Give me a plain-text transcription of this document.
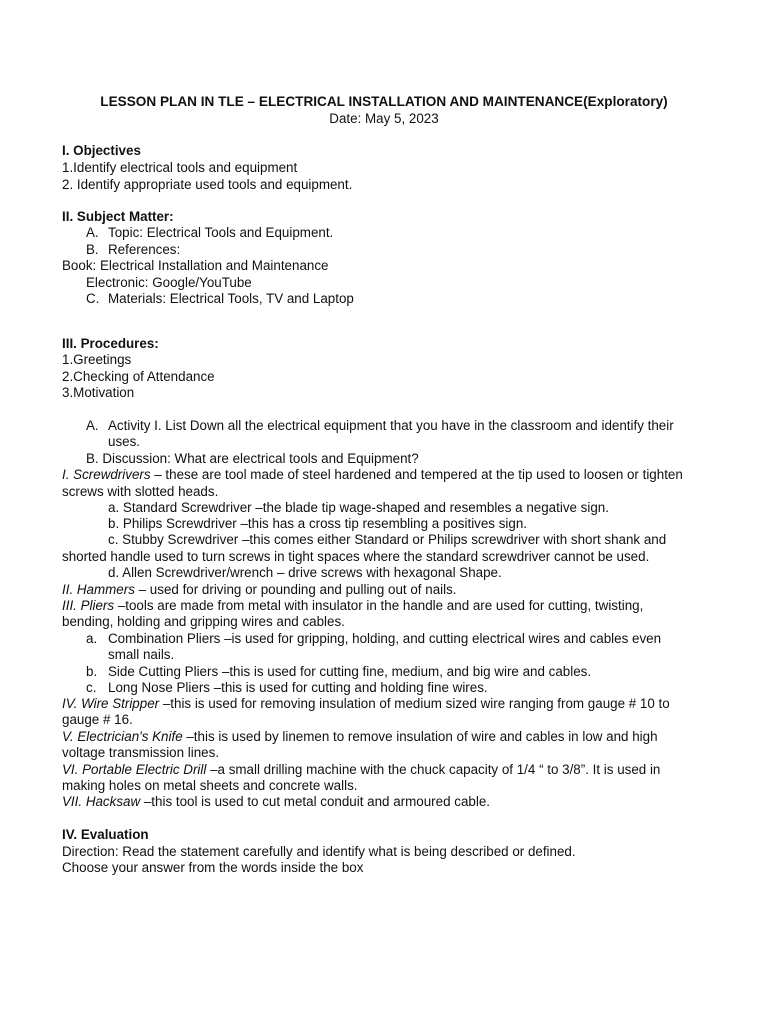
LESSON PLAN IN TLE – ELECTRICAL INSTALLATION AND MAINTENANCE(Exploratory)
Date: May 5, 2023
I. Objectives
1.Identify electrical tools and equipment
2. Identify appropriate used tools and equipment.
II. Subject Matter:
A. Topic: Electrical Tools and Equipment.
B. References:
Book: Electrical Installation and Maintenance
Electronic: Google/YouTube
C. Materials: Electrical Tools, TV and Laptop
III. Procedures:
1.Greetings
2.Checking of Attendance
3.Motivation
A. Activity I. List Down all the electrical equipment that you have in the classroom and identify their
uses.
B. Discussion: What are electrical tools and Equipment?
I. Screwdrivers – these are tool made of steel hardened and tempered at the tip used to loosen or tighten
screws with slotted heads.
a. Standard Screwdriver –the blade tip wage-shaped and resembles a negative sign.
b. Philips Screwdriver –this has a cross tip resembling a positives sign.
c. Stubby Screwdriver –this comes either Standard or Philips screwdriver with short shank and
shorted handle used to turn screws in tight spaces where the standard screwdriver cannot be used.
d. Allen Screwdriver/wrench – drive screws with hexagonal Shape.
II. Hammers – used for driving or pounding and pulling out of nails.
III. Pliers –tools are made from metal with insulator in the handle and are used for cutting, twisting,
bending, holding and gripping wires and cables.
a. Combination Pliers –is used for gripping, holding, and cutting electrical wires and cables even
small nails.
b. Side Cutting Pliers –this is used for cutting fine, medium, and big wire and cables.
c. Long Nose Pliers –this is used for cutting and holding fine wires.
IV. Wire Stripper –this is used for removing insulation of medium sized wire ranging from gauge # 10 to
gauge # 16.
V. Electrician's Knife –this is used by linemen to remove insulation of wire and cables in low and high
voltage transmission lines.
VI. Portable Electric Drill –a small drilling machine with the chuck capacity of 1/4 “ to 3/8”. It is used in
making holes on metal sheets and concrete walls.
VII. Hacksaw –this tool is used to cut metal conduit and armoured cable.
IV. Evaluation
Direction: Read the statement carefully and identify what is being described or defined.
Choose your answer from the words inside the box
